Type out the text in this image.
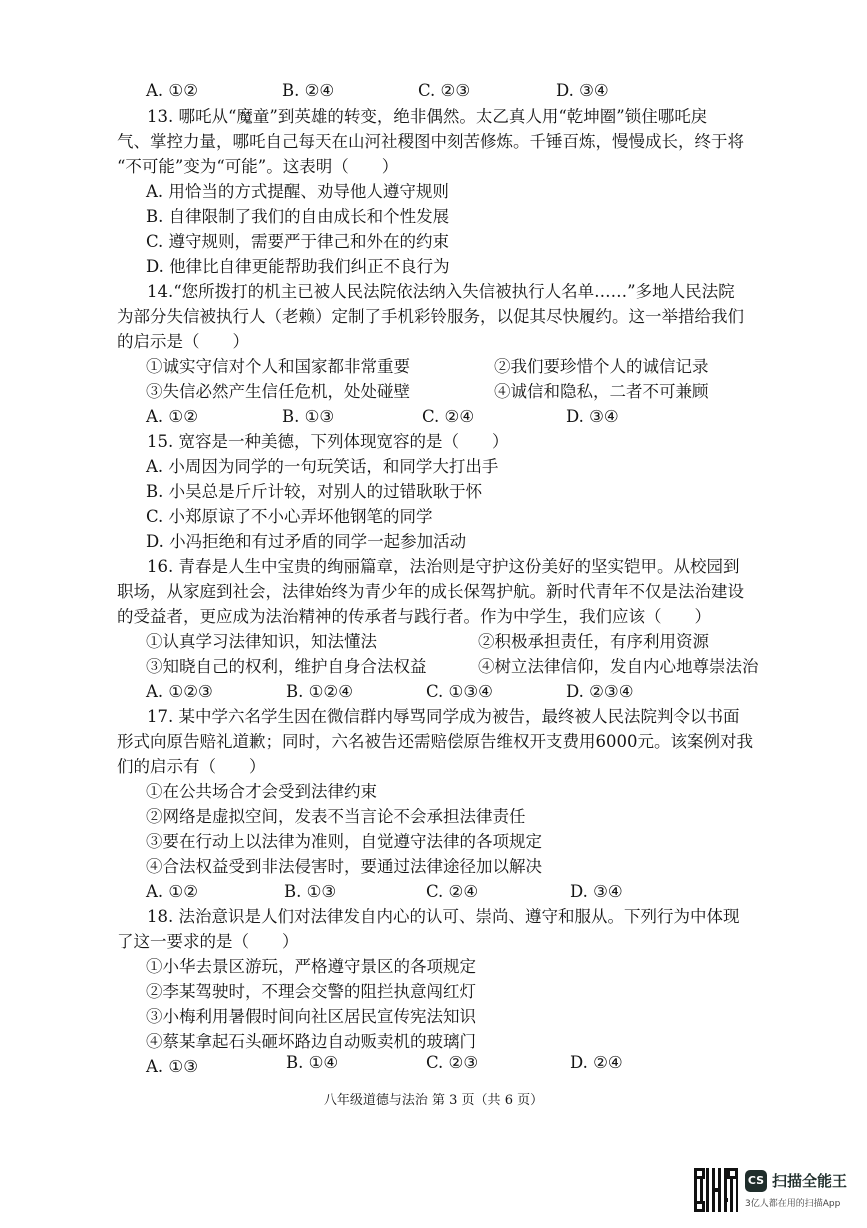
A. ①②	B. ②④	C. ②③	D. ③④
13. 哪吒从“魔童”到英雄的转变，绝非偶然。太乙真人用“乾坤圈”锁住哪吒戾
气、掌控力量，哪吒自己每天在山河社稷图中刻苦修炼。千锤百炼，慢慢成长，终于将
“不可能”变为“可能”。这表明（　　）
A. 用恰当的方式提醒、劝导他人遵守规则
B. 自律限制了我们的自由成长和个性发展
C. 遵守规则，需要严于律己和外在的约束
D. 他律比自律更能帮助我们纠正不良行为
14.“您所拨打的机主已被人民法院依法纳入失信被执行人名单……”多地人民法院
为部分失信被执行人（老赖）定制了手机彩铃服务，以促其尽快履约。这一举措给我们
的启示是（　　）
①诚实守信对个人和国家都非常重要	②我们要珍惜个人的诚信记录
③失信必然产生信任危机，处处碰壁	④诚信和隐私，二者不可兼顾
A. ①②	B. ①③	C. ②④	D. ③④
15. 宽容是一种美德，下列体现宽容的是（　　）
A. 小周因为同学的一句玩笑话，和同学大打出手
B. 小吴总是斤斤计较，对别人的过错耿耿于怀
C. 小郑原谅了不小心弄坏他钢笔的同学
D. 小冯拒绝和有过矛盾的同学一起参加活动
16. 青春是人生中宝贵的绚丽篇章，法治则是守护这份美好的坚实铠甲。从校园到
职场，从家庭到社会，法律始终为青少年的成长保驾护航。新时代青年不仅是法治建设
的受益者，更应成为法治精神的传承者与践行者。作为中学生，我们应该（　　）
①认真学习法律知识，知法懂法	②积极承担责任，有序利用资源
③知晓自己的权利，维护自身合法权益	④树立法律信仰，发自内心地尊崇法治
A. ①②③	B. ①②④	C. ①③④	D. ②③④
17. 某中学六名学生因在微信群内辱骂同学成为被告，最终被人民法院判令以书面
形式向原告赔礼道歉；同时，六名被告还需赔偿原告维权开支费用6000元。该案例对我
们的启示有（　　）
①在公共场合才会受到法律约束
②网络是虚拟空间，发表不当言论不会承担法律责任
③要在行动上以法律为准则，自觉遵守法律的各项规定
④合法权益受到非法侵害时，要通过法律途径加以解决
A. ①②	B. ①③	C. ②④	D. ③④
18. 法治意识是人们对法律发自内心的认可、崇尚、遵守和服从。下列行为中体现
了这一要求的是（　　）
①小华去景区游玩，严格遵守景区的各项规定
②李某驾驶时，不理会交警的阻拦执意闯红灯
③小梅利用暑假时间向社区居民宣传宪法知识
④蔡某拿起石头砸坏路边自动贩卖机的玻璃门
A. ①③	B. ①④	C. ②③	D. ②④
八年级道德与法治 第 3 页（共 6 页）
CS 扫描全能王
3亿人都在用的扫描App
